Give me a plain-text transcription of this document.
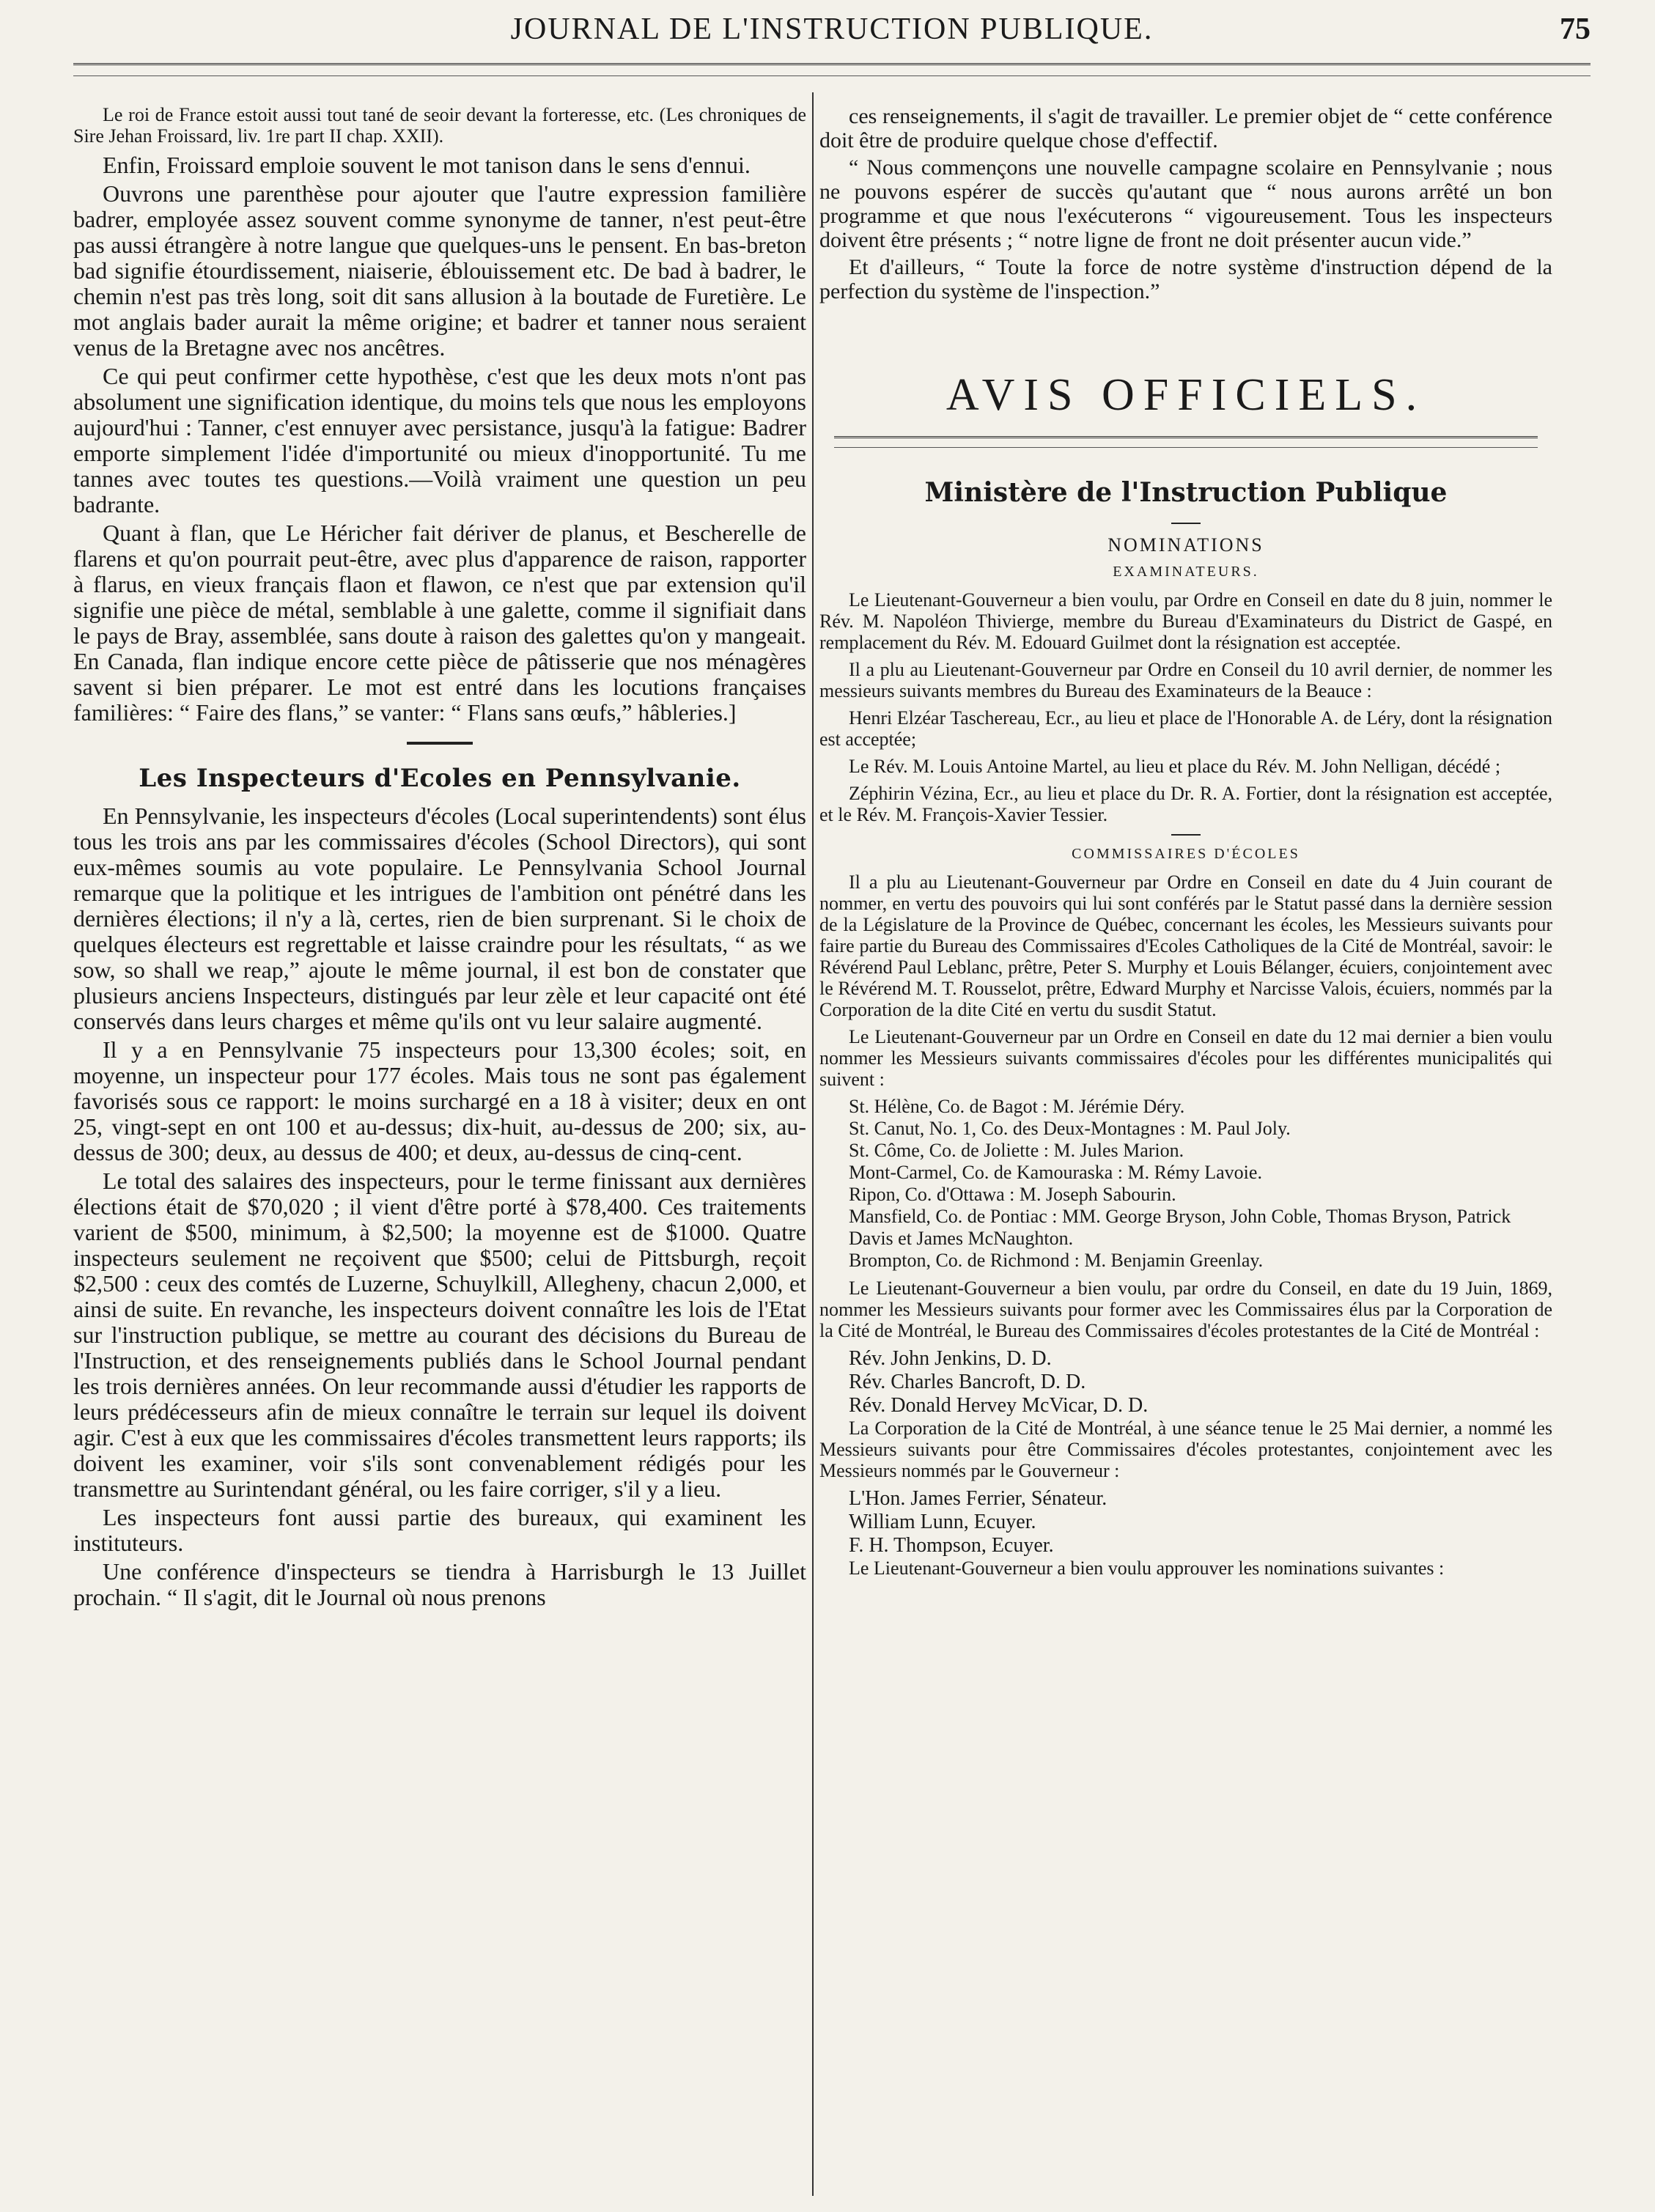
JOURNAL DE L'INSTRUCTION PUBLIQUE.	75

Le roi de France estoit aussi tout tané de seoir devant la forteresse, etc. (Les chroniques de Sire Jehan Froissard, liv. 1re part II chap. XXII).

Enfin, Froissard emploie souvent le mot tanison dans le sens d'ennui.

Ouvrons une parenthèse pour ajouter que l'autre expression familière badrer, employée assez souvent comme synonyme de tanner, n'est peut-être pas aussi étrangère à notre langue que quelques-uns le pensent. En bas-breton bad signifie étourdissement, niaiserie, éblouissement etc. De bad à badrer, le chemin n'est pas très long, soit dit sans allusion à la boutade de Furetière. Le mot anglais bader aurait la même origine; et badrer et tanner nous seraient venus de la Bretagne avec nos ancêtres.

Ce qui peut confirmer cette hypothèse, c'est que les deux mots n'ont pas absolument une signification identique, du moins tels que nous les employons aujourd'hui : Tanner, c'est ennuyer avec persistance, jusqu'à la fatigue: Badrer emporte simplement l'idée d'importunité ou mieux d'inopportunité. Tu me tannes avec toutes tes questions.—Voilà vraiment une question un peu badrante.

Quant à flan, que Le Héricher fait dériver de planus, et Bescherelle de flarens et qu'on pourrait peut-être, avec plus d'apparence de raison, rapporter à flarus, en vieux français flaon et flawon, ce n'est que par extension qu'il signifie une pièce de métal, semblable à une galette, comme il signifiait dans le pays de Bray, assemblée, sans doute à raison des galettes qu'on y mangeait. En Canada, flan indique encore cette pièce de pâtisserie que nos ménagères savent si bien préparer. Le mot est entré dans les locutions françaises familières: “ Faire des flans,” se vanter: “ Flans sans œufs,” hâbleries.]

Les Inspecteurs d'Ecoles en Pennsylvanie.

En Pennsylvanie, les inspecteurs d'écoles (Local superintendents) sont élus tous les trois ans par les commissaires d'écoles (School Directors), qui sont eux-mêmes soumis au vote populaire. Le Pennsylvania School Journal remarque que la politique et les intrigues de l'ambition ont pénétré dans les dernières élections; il n'y a là, certes, rien de bien surprenant. Si le choix de quelques électeurs est regrettable et laisse craindre pour les résultats, “ as we sow, so shall we reap,” ajoute le même journal, il est bon de constater que plusieurs anciens Inspecteurs, distingués par leur zèle et leur capacité ont été conservés dans leurs charges et même qu'ils ont vu leur salaire augmenté.

Il y a en Pennsylvanie 75 inspecteurs pour 13,300 écoles; soit, en moyenne, un inspecteur pour 177 écoles. Mais tous ne sont pas également favorisés sous ce rapport: le moins surchargé en a 18 à visiter; deux en ont 25, vingt-sept en ont 100 et au-dessus; dix-huit, au-dessus de 200; six, au-dessus de 300; deux, au dessus de 400; et deux, au-dessus de cinq-cent.

Le total des salaires des inspecteurs, pour le terme finissant aux dernières élections était de $70,020 ; il vient d'être porté à $78,400. Ces traitements varient de $500, minimum, à $2,500; la moyenne est de $1000. Quatre inspecteurs seulement ne reçoivent que $500; celui de Pittsburgh, reçoit $2,500 : ceux des comtés de Luzerne, Schuylkill, Allegheny, chacun 2,000, et ainsi de suite. En revanche, les inspecteurs doivent connaître les lois de l'Etat sur l'instruction publique, se mettre au courant des décisions du Bureau de l'Instruction, et des renseignements publiés dans le School Journal pendant les trois dernières années. On leur recommande aussi d'étudier les rapports de leurs prédécesseurs afin de mieux connaître le terrain sur lequel ils doivent agir. C'est à eux que les commissaires d'écoles transmettent leurs rapports; ils doivent les examiner, voir s'ils sont convenablement rédigés pour les transmettre au Surintendant général, ou les faire corriger, s'il y a lieu.

Les inspecteurs font aussi partie des bureaux, qui examinent les instituteurs.

Une conférence d'inspecteurs se tiendra à Harrisburgh le 13 Juillet prochain. “ Il s'agit, dit le Journal où nous prenons

ces renseignements, il s'agit de travailler. Le premier objet de “ cette conférence doit être de produire quelque chose d'effectif.

“ Nous commençons une nouvelle campagne scolaire en Pennsylvanie ; nous ne pouvons espérer de succès qu'autant que “ nous aurons arrêté un bon programme et que nous l'exécuterons “ vigoureusement. Tous les inspecteurs doivent être présents ; “ notre ligne de front ne doit présenter aucun vide.”

Et d'ailleurs, “ Toute la force de notre système d'instruction dépend de la perfection du système de l'inspection.”

AVIS OFFICIELS.
Ministère de l'Instruction Publique
NOMINATIONS
EXAMINATEURS.

Le Lieutenant-Gouverneur a bien voulu, par Ordre en Conseil en date du 8 juin, nommer le Rév. M. Napoléon Thivierge, membre du Bureau d'Examinateurs du District de Gaspé, en remplacement du Rév. M. Edouard Guilmet dont la résignation est acceptée.

Il a plu au Lieutenant-Gouverneur par Ordre en Conseil du 10 avril dernier, de nommer les messieurs suivants membres du Bureau des Examinateurs de la Beauce :

Henri Elzéar Taschereau, Ecr., au lieu et place de l'Honorable A. de Léry, dont la résignation est acceptée;

Le Rév. M. Louis Antoine Martel, au lieu et place du Rév. M. John Nelligan, décédé ;

Zéphirin Vézina, Ecr., au lieu et place du Dr. R. A. Fortier, dont la résignation est acceptée, et le Rév. M. François-Xavier Tessier.

COMMISSAIRES D'ÉCOLES

Il a plu au Lieutenant-Gouverneur par Ordre en Conseil en date du 4 Juin courant de nommer, en vertu des pouvoirs qui lui sont conférés par le Statut passé dans la dernière session de la Législature de la Province de Québec, concernant les écoles, les Messieurs suivants pour faire partie du Bureau des Commissaires d'Ecoles Catholiques de la Cité de Montréal, savoir: le Révérend Paul Leblanc, prêtre, Peter S. Murphy et Louis Bélanger, écuiers, conjointement avec le Révérend M. T. Rousselot, prêtre, Edward Murphy et Narcisse Valois, écuiers, nommés par la Corporation de la dite Cité en vertu du susdit Statut.

Le Lieutenant-Gouverneur par un Ordre en Conseil en date du 12 mai dernier a bien voulu nommer les Messieurs suivants commissaires d'écoles pour les différentes municipalités qui suivent :

St. Hélène, Co. de Bagot : M. Jérémie Déry.

St. Canut, No. 1, Co. des Deux-Montagnes : M. Paul Joly.

St. Côme, Co. de Joliette : M. Jules Marion.

Mont-Carmel, Co. de Kamouraska : M. Rémy Lavoie.

Ripon, Co. d'Ottawa : M. Joseph Sabourin.

Mansfield, Co. de Pontiac : MM. George Bryson, John Coble, Thomas Bryson, Patrick Davis et James McNaughton.

Brompton, Co. de Richmond : M. Benjamin Greenlay.

Le Lieutenant-Gouverneur a bien voulu, par ordre du Conseil, en date du 19 Juin, 1869, nommer les Messieurs suivants pour former avec les Commissaires élus par la Corporation de la Cité de Montréal, le Bureau des Commissaires d'écoles protestantes de la Cité de Montréal :

Rév. John Jenkins, D. D.

Rév. Charles Bancroft, D. D.

Rév. Donald Hervey McVicar, D. D.

La Corporation de la Cité de Montréal, à une séance tenue le 25 Mai dernier, a nommé les Messieurs suivants pour être Commissaires d'écoles protestantes, conjointement avec les Messieurs nommés par le Gouverneur :

L'Hon. James Ferrier, Sénateur.

William Lunn, Ecuyer.

F. H. Thompson, Ecuyer.

Le Lieutenant-Gouverneur a bien voulu approuver les nominations suivantes :
